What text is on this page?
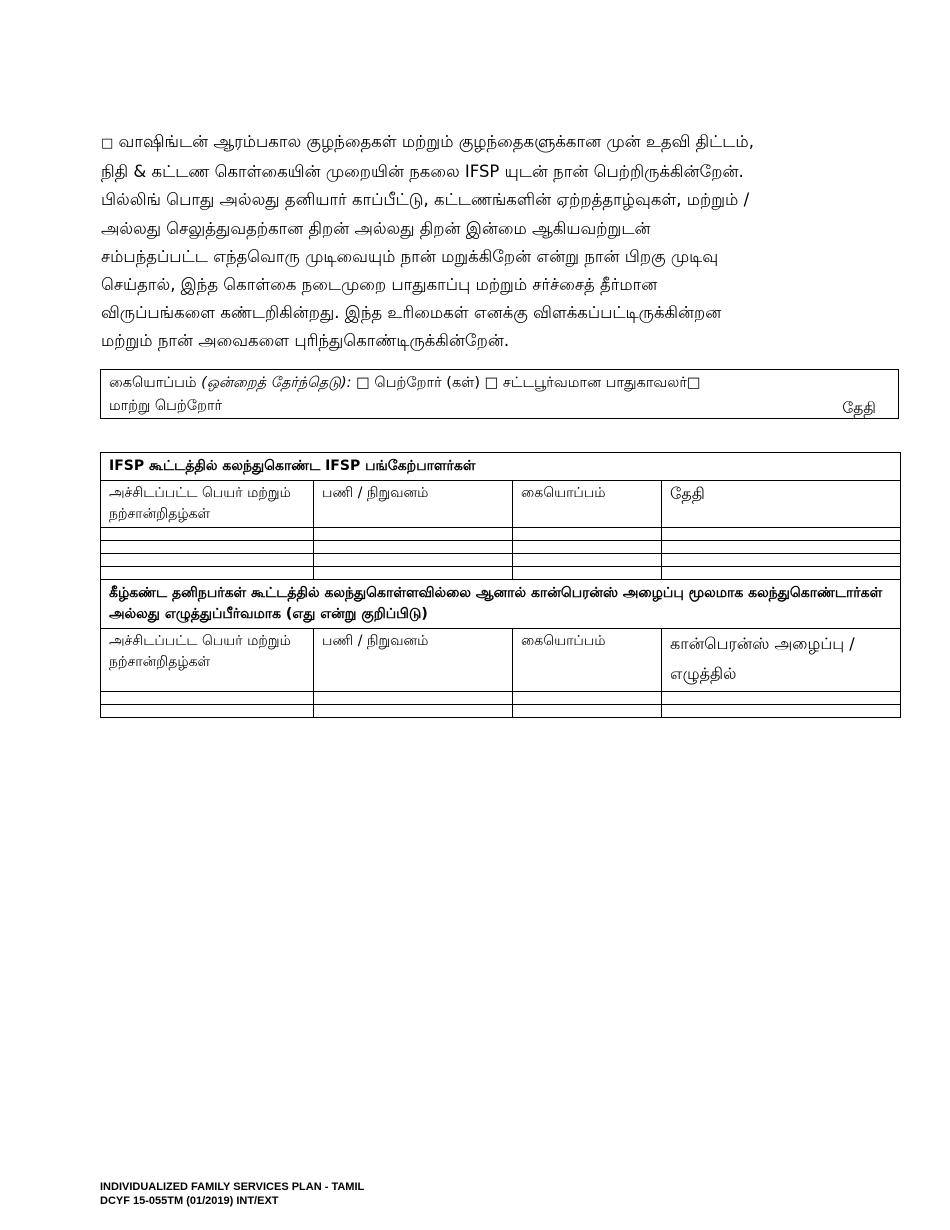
□ வாஷிங்டன் ஆரம்பகால குழந்தைகள் மற்றும் குழந்தைகளுக்கான முன் உதவி திட்டம்,
நிதி & கட்டண கொள்கையின் முறையின் நகலை IFSP யுடன் நான் பெற்றிருக்கின்றேன்.
பில்லிங் பொது அல்லது தனியார் காப்பீட்டு, கட்டணங்களின் ஏற்றத்தாழ்வுகள், மற்றும் /
அல்லது செலுத்துவதற்கான திறன் அல்லது திறன் இன்மை ஆகியவற்றுடன்
சம்பந்தப்பட்ட எந்தவொரு முடிவையும் நான் மறுக்கிறேன் என்று நான் பிறகு முடிவு
செய்தால், இந்த கொள்கை நடைமுறை பாதுகாப்பு மற்றும் சர்ச்சைத் தீர்மான
விருப்பங்களை கண்டறிகின்றது. இந்த உரிமைகள் எனக்கு விளக்கப்பட்டிருக்கின்றன
மற்றும் நான் அவைகளை புரிந்துகொண்டிருக்கின்றேன்.
கையொப்பம் (ஒன்றைத் தேர்ந்தெடு): □ பெற்றோர் (கள்) □ சட்டபூர்வமான பாதுகாவலர்□
மாற்று பெற்றோர்	தேதி
IFSP கூட்டத்தில் கலந்துகொண்ட IFSP பங்கேற்பாளர்கள்			
அச்சிடப்பட்ட பெயர் மற்றும் நற்சான்றிதழ்கள்	பணி / நிறுவனம்	கையொப்பம்	தேதி

கீழ்கண்ட தனிநபர்கள் கூட்டத்தில் கலந்துகொள்ளவில்லை ஆனால் கான்பெரன்ஸ் அழைப்பு மூலமாக கலந்துகொண்டார்கள் அல்லது எழுத்துப்பீர்வமாக (எது என்று குறிப்பிடு)			
அச்சிடப்பட்ட பெயர் மற்றும் நற்சான்றிதழ்கள்	பணி / நிறுவனம்	கையொப்பம்	கான்பெரன்ஸ் அழைப்பு / எழுத்தில்

INDIVIDUALIZED FAMILY SERVICES PLAN - TAMIL
DCYF 15-055TM (01/2019) INT/EXT
